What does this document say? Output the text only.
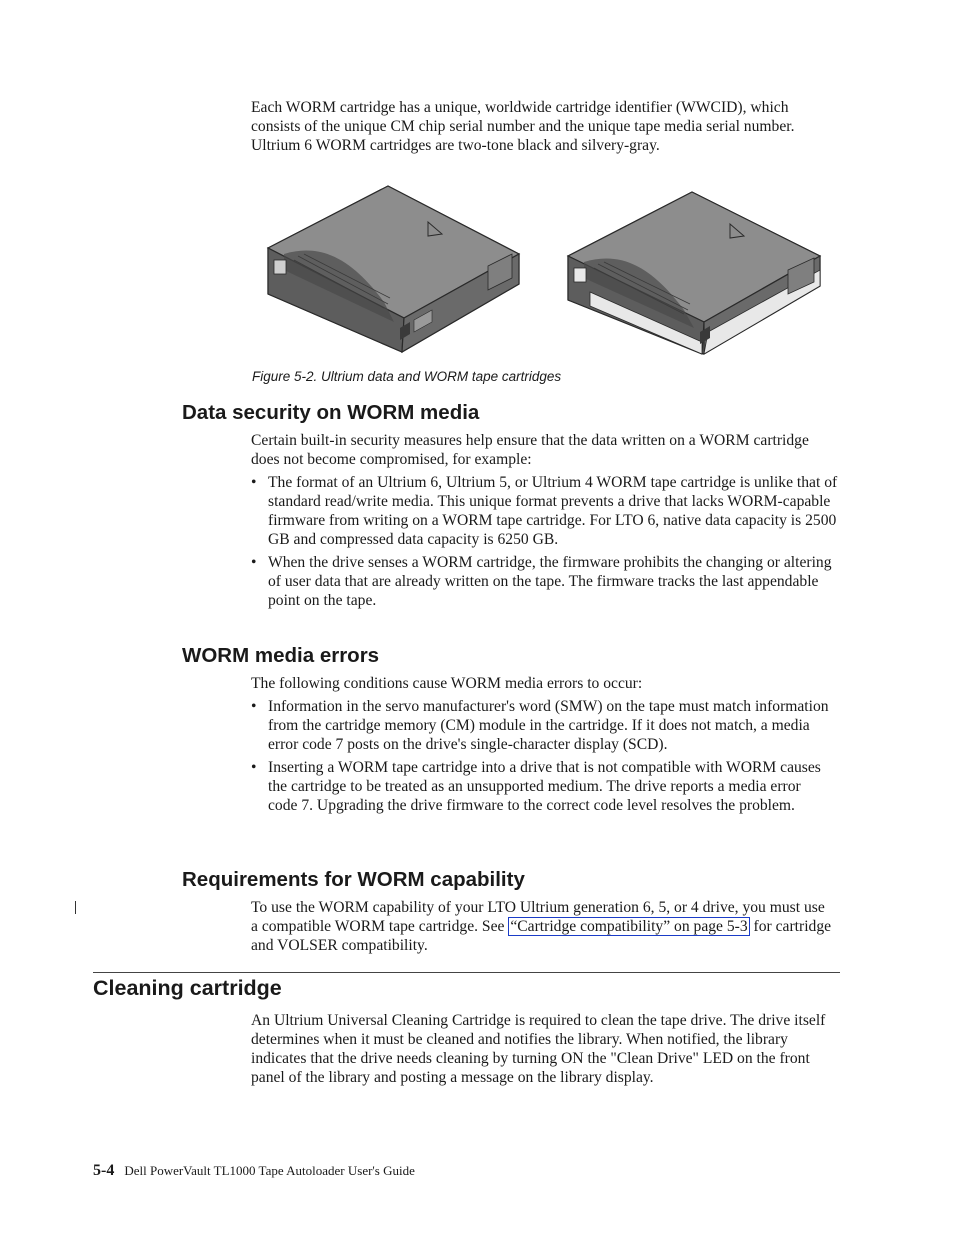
Each WORM cartridge has a unique, worldwide cartridge identifier (WWCID), which consists of the unique CM chip serial number and the unique tape media serial number. Ultrium 6 WORM cartridges are two-tone black and silvery-gray.

Figure 5-2. Ultrium data and WORM tape cartridges

Data security on WORM media

Certain built-in security measures help ensure that the data written on a WORM cartridge does not become compromised, for example:

• The format of an Ultrium 6, Ultrium 5, or Ultrium 4 WORM tape cartridge is unlike that of standard read/write media. This unique format prevents a drive that lacks WORM-capable firmware from writing on a WORM tape cartridge. For LTO 6, native data capacity is 2500 GB and compressed data capacity is 6250 GB.
• When the drive senses a WORM cartridge, the firmware prohibits the changing or altering of user data that are already written on the tape. The firmware tracks the last appendable point on the tape.
WORM media errors

The following conditions cause WORM media errors to occur:

• Information in the servo manufacturer's word (SMW) on the tape must match information from the cartridge memory (CM) module in the cartridge. If it does not match, a media error code 7 posts on the drive's single-character display (SCD).
• Inserting a WORM tape cartridge into a drive that is not compatible with WORM causes the cartridge to be treated as an unsupported medium. The drive reports a media error code 7. Upgrading the drive firmware to the correct code level resolves the problem.
Requirements for WORM capability

To use the WORM capability of your LTO Ultrium generation 6, 5, or 4 drive, you must use a compatible WORM tape cartridge. See “Cartridge compatibility” on page 5-3 for cartridge and VOLSER compatibility.

Cleaning cartridge

An Ultrium Universal Cleaning Cartridge is required to clean the tape drive. The drive itself determines when it must be cleaned and notifies the library. When notified, the library indicates that the drive needs cleaning by turning ON the "Clean Drive" LED on the front panel of the library and posting a message on the library display.

5-4 Dell PowerVault TL1000 Tape Autoloader User's Guide
